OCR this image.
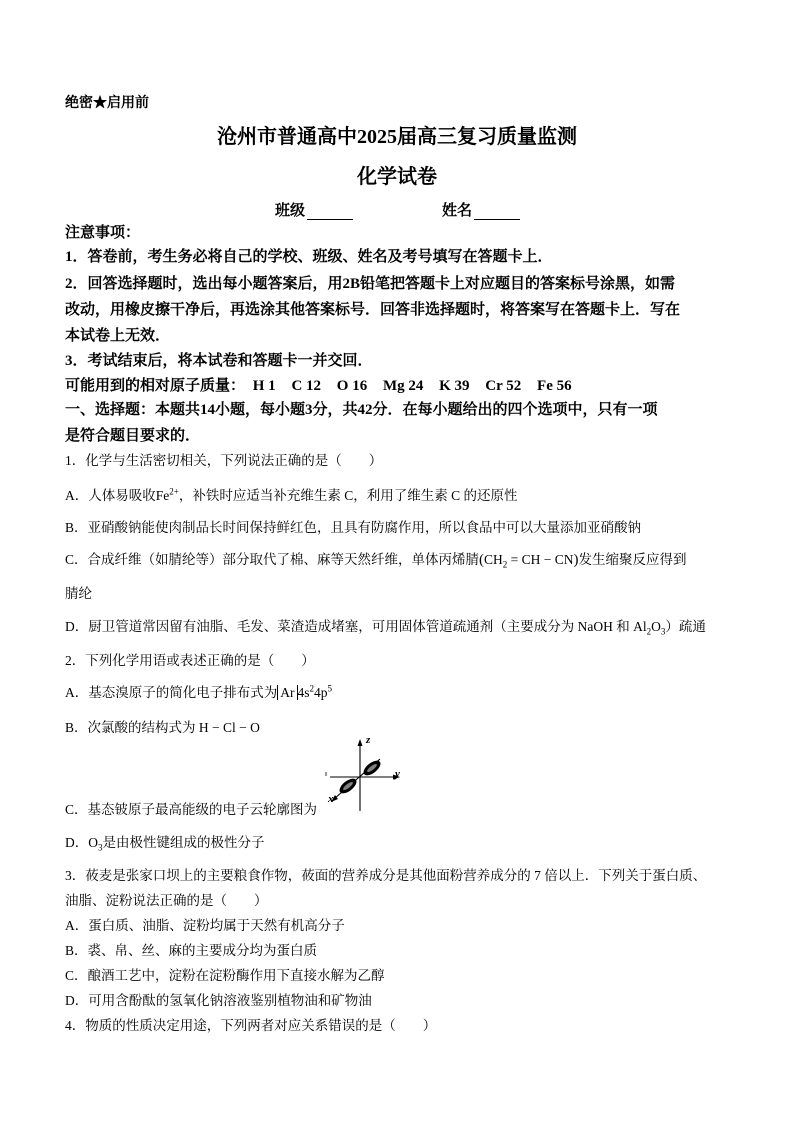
绝密★启用前
沧州市普通高中2025届高三复习质量监测
化学试卷
班级	姓名
注意事项：
1．答卷前，考生务必将自己的学校、班级、姓名及考号填写在答题卡上．
2．回答选择题时，选出每小题答案后，用2B铅笔把答题卡上对应题目的答案标号涂黑，如需
改动，用橡皮擦干净后，再选涂其他答案标号．回答非选择题时，将答案写在答题卡上．写在
本试卷上无效．
3．考试结束后，将本试卷和答题卡一并交回．
可能用到的相对原子质量： H 1 C 12 O 16 Mg 24 K 39 Cr 52 Fe 56
一、选择题：本题共14小题，每小题3分，共42分．在每小题给出的四个选项中，只有一项
是符合题目要求的．
1．化学与生活密切相关，下列说法正确的是（　　）
A．人体易吸收$Fe^{2+}$，补铁时应适当补充维生素 C，利用了维生素 C 的还原性
B．亚硝酸钠能使肉制品长时间保持鲜红色，且具有防腐作用，所以食品中可以大量添加亚硝酸钠
C．合成纤维（如腈纶等）部分取代了棉、麻等天然纤维，单体丙烯腈($CH_2$ = CH − CN)发生缩聚反应得到
腈纶
D．厨卫管道常因留有油脂、毛发、菜渣造成堵塞，可用固体管道疏通剂（主要成分为 NaOH 和 $Al_2O_3$）疏通
2．下列化学用语或表述正确的是（　　）
A．基态溴原子的简化电子排布式为 Ar $4s^24p^5$
B．次氯酸的结构式为 H − Cl − O
z
y
x
C．基态铍原子最高能级的电子云轮廓图为
D．$O_3$是由极性键组成的极性分子
3．莜麦是张家口坝上的主要粮食作物，莜面的营养成分是其他面粉营养成分的 7 倍以上．下列关于蛋白质、
油脂、淀粉说法正确的是（　　）
A．蛋白质、油脂、淀粉均属于天然有机高分子
B．裘、帛、丝、麻的主要成分均为蛋白质
C．酿酒工艺中，淀粉在淀粉酶作用下直接水解为乙醇
D．可用含酚酞的氢氧化钠溶液鉴别植物油和矿物油
4．物质的性质决定用途，下列两者对应关系错误的是（　　）
